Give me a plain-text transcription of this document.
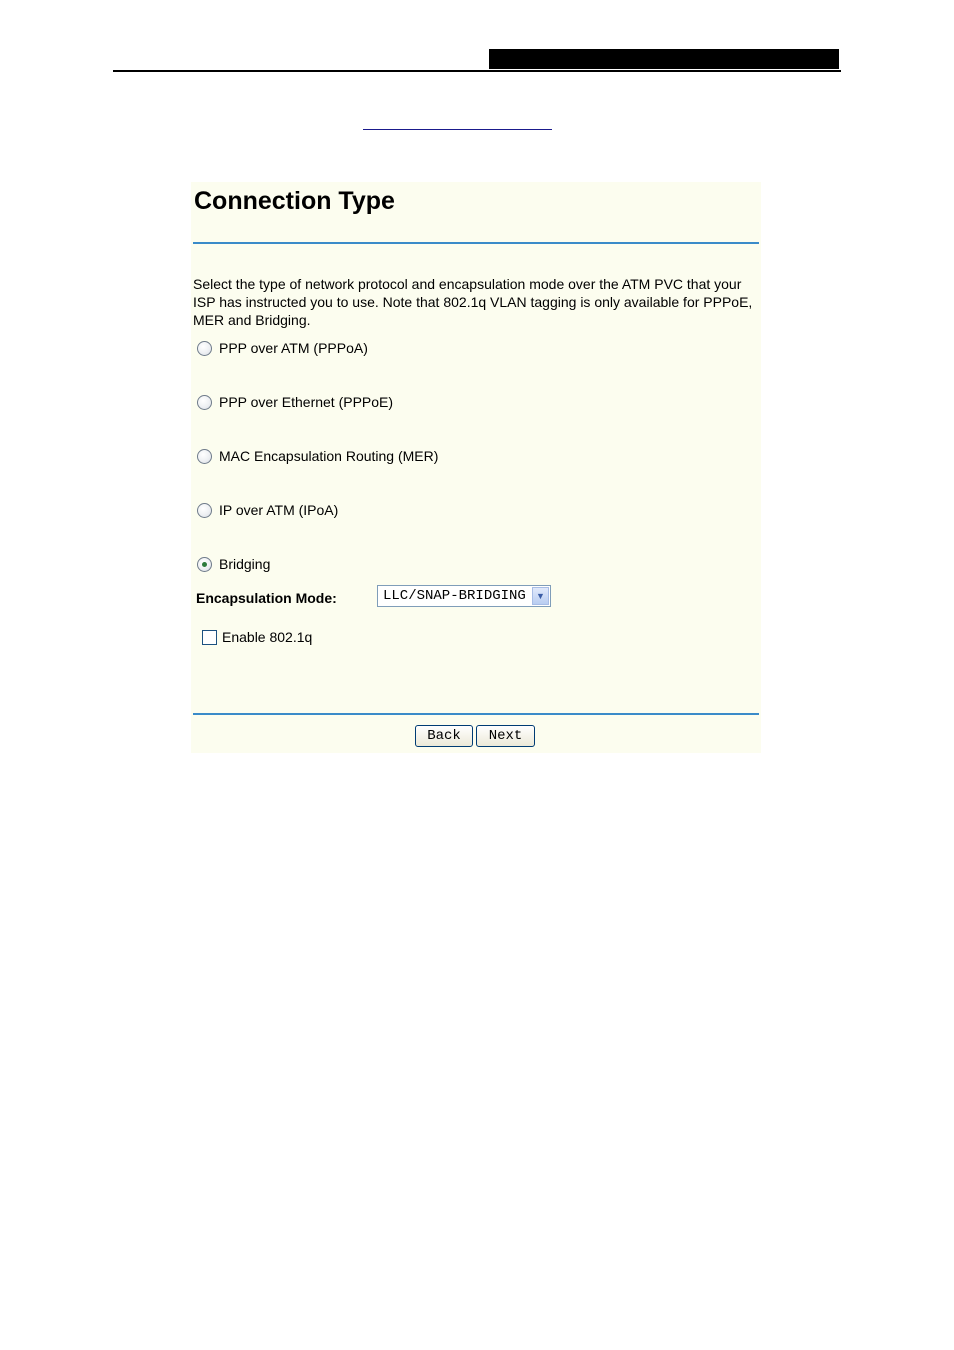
Connection Type

Select the type of network protocol and encapsulation mode over the ATM PVC that your ISP has instructed you to use. Note that 802.1q VLAN tagging is only available for PPPoE, MER and Bridging.

PPP over ATM (PPPoA)
PPP over Ethernet (PPPoE)
MAC Encapsulation Routing (MER)
IP over ATM (IPoA)
Bridging
Encapsulation Mode:	LLC/SNAP-BRIDGING	▼
Enable 802.1q
Back	Next
